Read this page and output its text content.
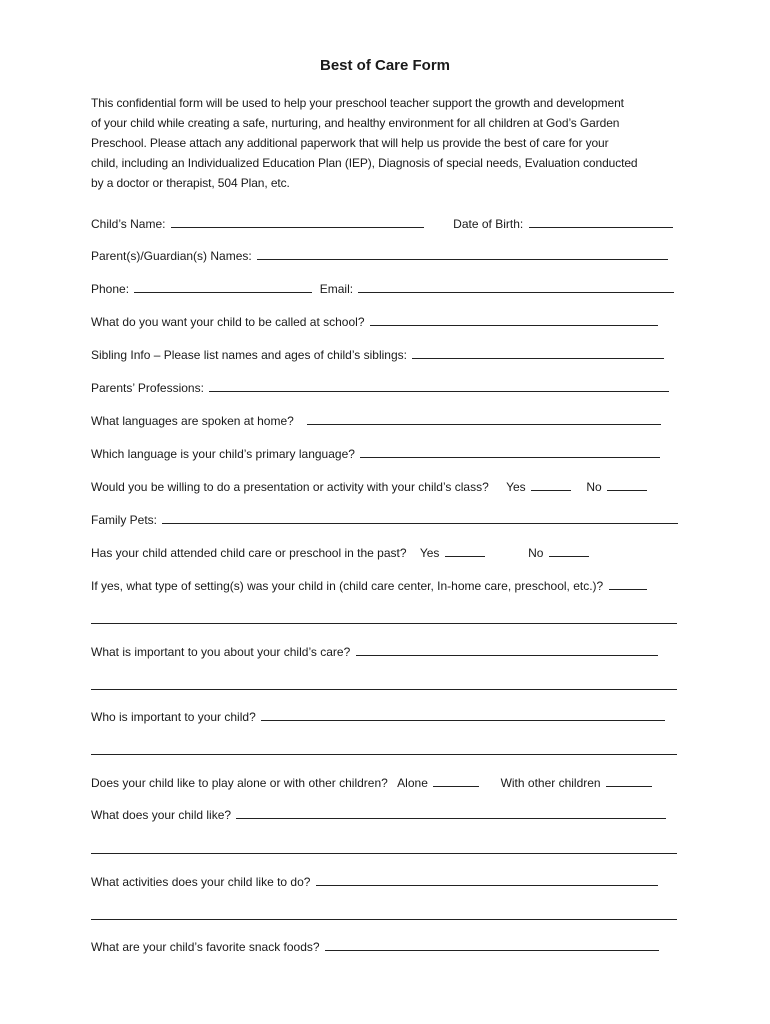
Best of Care Form
This confidential form will be used to help your preschool teacher support the growth and development
of your child while creating a safe, nurturing, and healthy environment for all children at God’s Garden
Preschool. Please attach any additional paperwork that will help us provide the best of care for your
child, including an Individualized Education Plan (IEP), Diagnosis of special needs, Evaluation conducted
by a doctor or therapist, 504 Plan, etc.
Child’s Name:	Date of Birth:
Parent(s)/Guardian(s) Names:
Phone:	Email:
What do you want your child to be called at school?
Sibling Info – Please list names and ages of child’s siblings:
Parents’ Professions:
What languages are spoken at home?
Which language is your child’s primary language?
Would you be willing to do a presentation or activity with your child’s class? Yes	No
Family Pets:
Has your child attended child care or preschool in the past? Yes	No
If yes, what type of setting(s) was your child in (child care center, In-home care, preschool, etc.)?
What is important to you about your child’s care?
Who is important to your child?
Does your child like to play alone or with other children? Alone	With other children
What does your child like?
What activities does your child like to do?
What are your child’s favorite snack foods?
